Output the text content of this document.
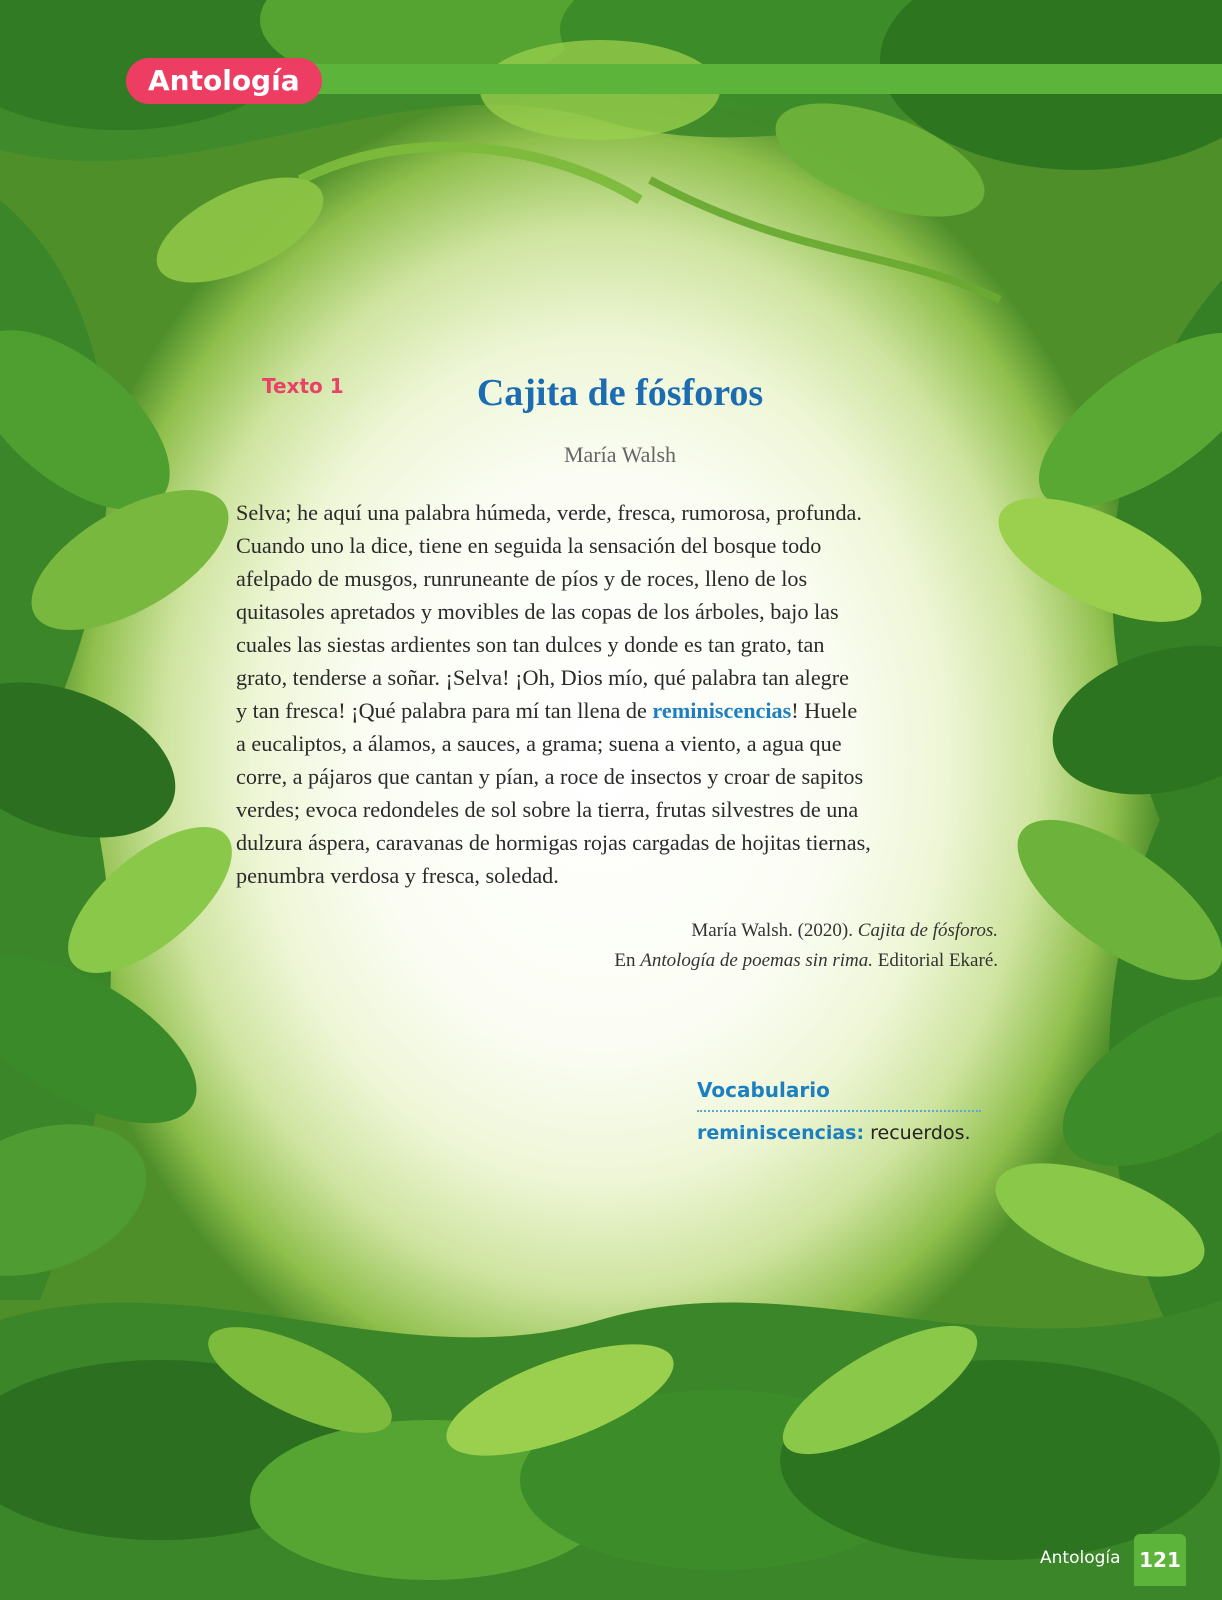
Antología
Texto 1	Cajita de fósforos
María Walsh
Selva; he aquí una palabra húmeda, verde, fresca, rumorosa, profunda.
Cuando uno la dice, tiene en seguida la sensación del bosque todo
afelpado de musgos, runruneante de píos y de roces, lleno de los
quitasoles apretados y movibles de las copas de los árboles, bajo las
cuales las siestas ardientes son tan dulces y donde es tan grato, tan
grato, tenderse a soñar. ¡Selva! ¡Oh, Dios mío, qué palabra tan alegre
y tan fresca! ¡Qué palabra para mí tan llena de reminiscencias! Huele
a eucaliptos, a álamos, a sauces, a grama; suena a viento, a agua que
corre, a pájaros que cantan y pían, a roce de insectos y croar de sapitos
verdes; evoca redondeles de sol sobre la tierra, frutas silvestres de una
dulzura áspera, caravanas de hormigas rojas cargadas de hojitas tiernas,
penumbra verdosa y fresca, soledad.
María Walsh. (2020). Cajita de fósforos.
En Antología de poemas sin rima. Editorial Ekaré.
Vocabulario
reminiscencias: recuerdos.
Antología 121
